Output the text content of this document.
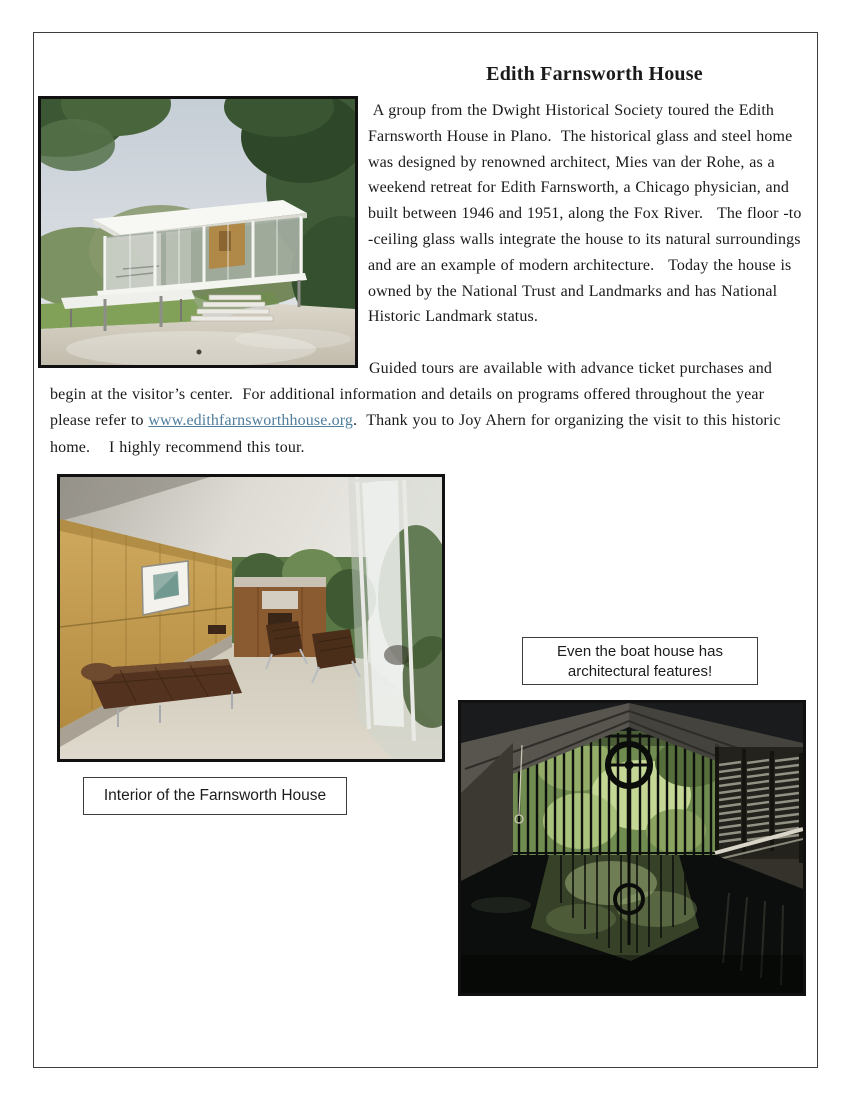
Edith Farnsworth House

A group from the Dwight Historical Society toured the Edith Farnsworth House in Plano.  The historical glass and steel home was designed by renowned architect, Mies van der Rohe, as a weekend retreat for Edith Farnsworth, a Chicago physician, and built between 1946 and 1951, along the Fox River.   The floor -to -ceiling glass walls integrate the house to its natural surroundings and are an example of modern architecture.   Today the house is owned by the National Trust and Landmarks and has National Historic Landmark status.

Guided tours are available with advance ticket purchases and begin at the visitor’s center.  For additional information and details on programs offered throughout the year please refer to www.edithfarnsworthhouse.org.  Thank you to Joy Ahern for organizing the visit to this historic home.    I highly recommend this tour.

Interior of the Farnsworth House
Even the boat house has architectural features!
